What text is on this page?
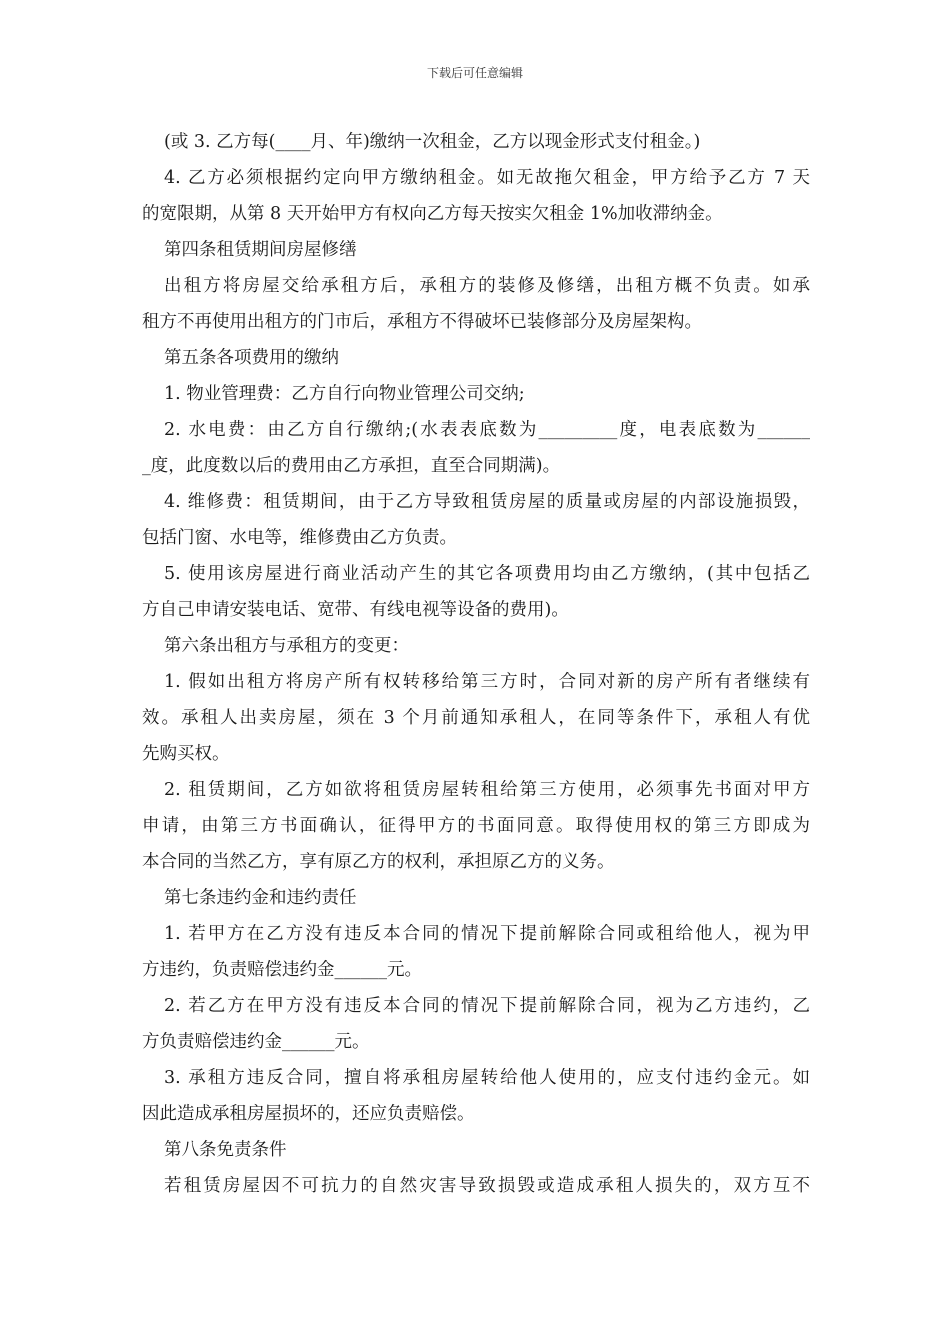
下载后可任意编辑
(或 3. 乙方每(____月、年)缴纳一次租金，乙方以现金形式支付租金。)
4. 乙方必须根据约定向甲方缴纳租金。如无故拖欠租金，甲方给予乙方 7 天
的宽限期，从第 8 天开始甲方有权向乙方每天按实欠租金 1%加收滞纳金。
第四条租赁期间房屋修缮
出租方将房屋交给承租方后，承租方的装修及修缮，出租方概不负责。如承
租方不再使用出租方的门市后，承租方不得破坏已装修部分及房屋架构。
第五条各项费用的缴纳
1. 物业管理费：乙方自行向物业管理公司交纳;
2. 水电费：由乙方自行缴纳;(水表表底数为_________度，电表底数为______
_度，此度数以后的费用由乙方承担，直至合同期满)。
4. 维修费：租赁期间，由于乙方导致租赁房屋的质量或房屋的内部设施损毁，
包括门窗、水电等，维修费由乙方负责。
5. 使用该房屋进行商业活动产生的其它各项费用均由乙方缴纳，(其中包括乙
方自己申请安装电话、宽带、有线电视等设备的费用)。
第六条出租方与承租方的变更：
1. 假如出租方将房产所有权转移给第三方时，合同对新的房产所有者继续有
效。承租人出卖房屋，须在 3 个月前通知承租人，在同等条件下，承租人有优
先购买权。
2. 租赁期间，乙方如欲将租赁房屋转租给第三方使用，必须事先书面对甲方
申请，由第三方书面确认，征得甲方的书面同意。取得使用权的第三方即成为
本合同的当然乙方，享有原乙方的权利，承担原乙方的义务。
第七条违约金和违约责任
1. 若甲方在乙方没有违反本合同的情况下提前解除合同或租给他人，视为甲
方违约，负责赔偿违约金______元。
2. 若乙方在甲方没有违反本合同的情况下提前解除合同，视为乙方违约，乙
方负责赔偿违约金______元。
3. 承租方违反合同，擅自将承租房屋转给他人使用的，应支付违约金元。如
因此造成承租房屋损坏的，还应负责赔偿。
第八条免责条件
若租赁房屋因不可抗力的自然灾害导致损毁或造成承租人损失的，双方互不
